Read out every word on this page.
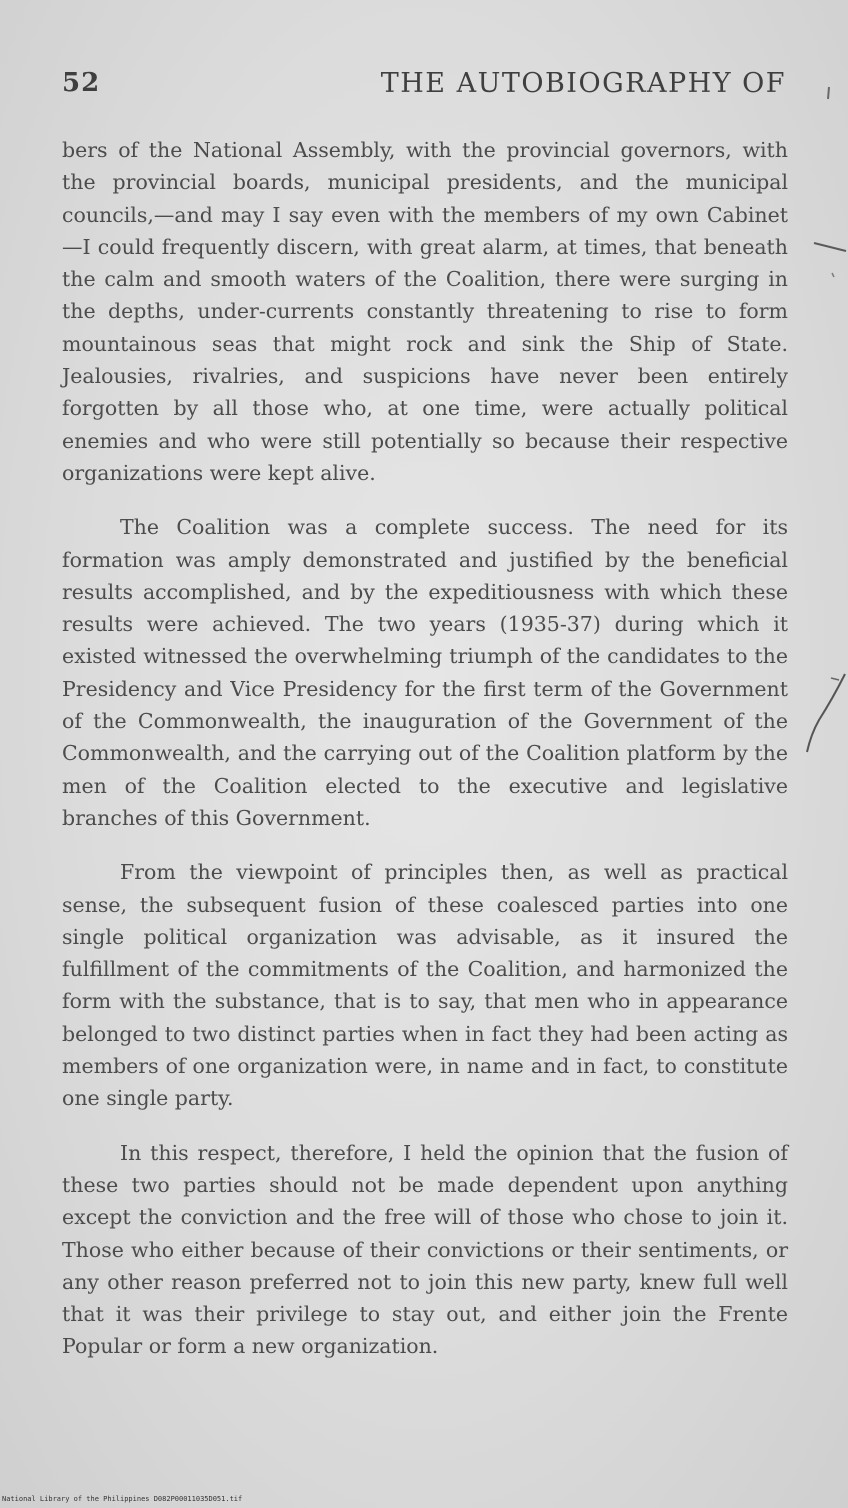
52	THE AUTOBIOGRAPHY OF

bers of the National Assembly, with the provincial governors, with the provincial boards, municipal presidents, and the municipal councils,—and may I say even with the members of my own Cabinet—I could frequently discern, with great alarm, at times, that beneath the calm and smooth waters of the Coalition, there were surging in the depths, under-currents constantly threatening to rise to form mountainous seas that might rock and sink the Ship of State. Jealousies, rivalries, and suspicions have never been entirely forgotten by all those who, at one time, were actually political enemies and who were still potentially so because their respective organizations were kept alive.

The Coalition was a complete success. The need for its formation was amply demonstrated and justified by the beneficial results accomplished, and by the expeditiousness with which these results were achieved. The two years (1935-37) during which it existed witnessed the overwhelming triumph of the candidates to the Presidency and Vice Presidency for the first term of the Government of the Commonwealth, the inauguration of the Government of the Commonwealth, and the carrying out of the Coalition platform by the men of the Coalition elected to the executive and legislative branches of this Government.

From the viewpoint of principles then, as well as practical sense, the subsequent fusion of these coalesced parties into one single political organization was advisable, as it insured the fulfillment of the commitments of the Coalition, and harmonized the form with the substance, that is to say, that men who in appearance belonged to two distinct parties when in fact they had been acting as members of one organization were, in name and in fact, to constitute one single party.

In this respect, therefore, I held the opinion that the fusion of these two parties should not be made dependent upon anything except the conviction and the free will of those who chose to join it. Those who either because of their convictions or their sentiments, or any other reason preferred not to join this new party, knew full well that it was their privilege to stay out, and either join the Frente Popular or form a new organization.

National Library of the Philippines D082P00011035D051.tif
